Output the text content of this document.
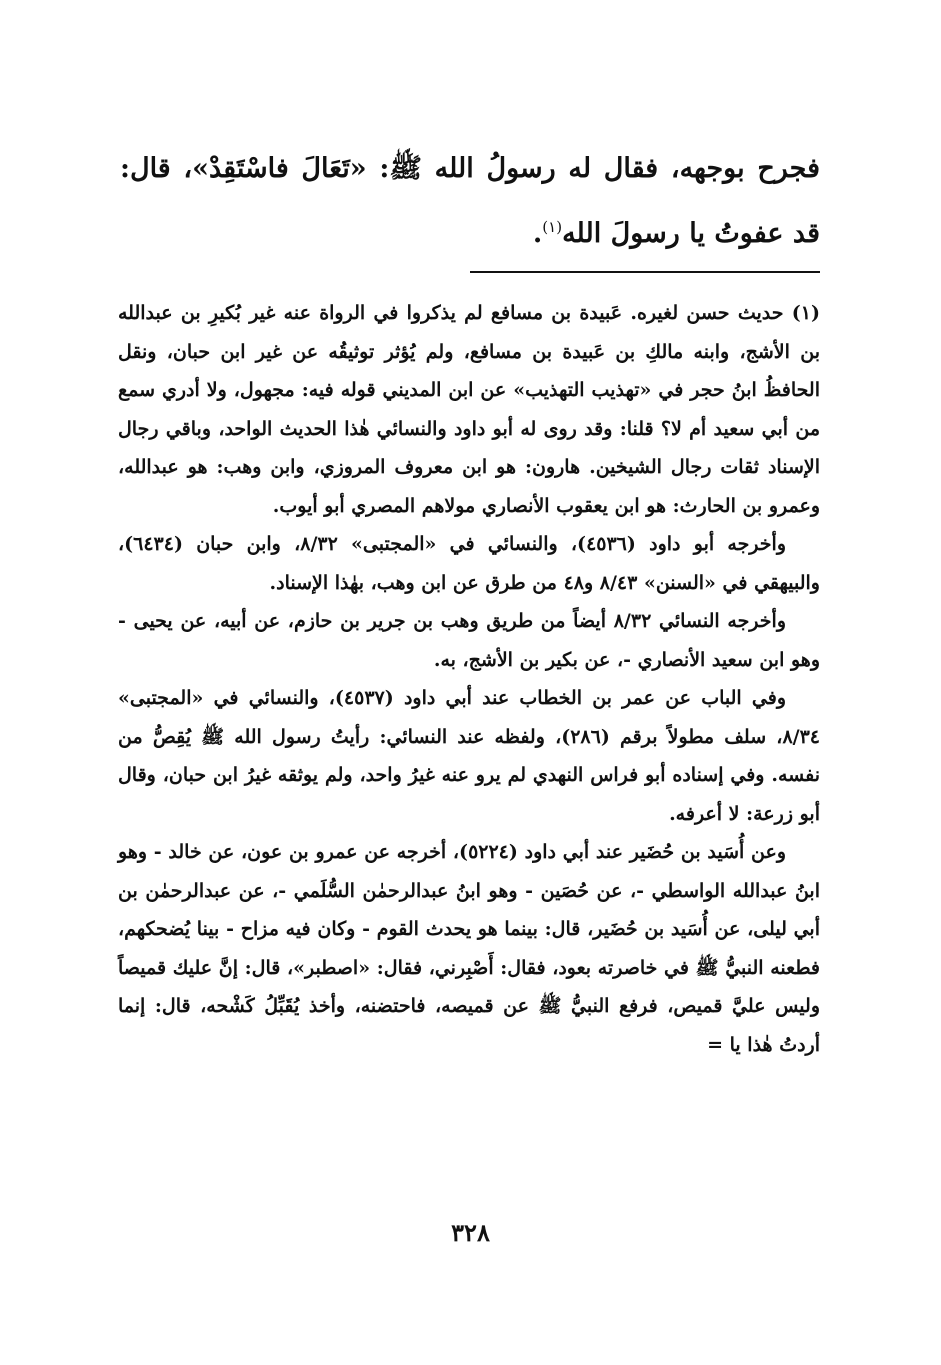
فجرح بوجهه، فقال له رسولُ الله ﷺ: «تَعَالَ فاسْتَقِدْ»، قال: قد عفوتُ يا رسولَ الله$^{(١)}$.

(١) حديث حسن لغيره. عَبيدة بن مسافع لم يذكروا في الرواة عنه غير بُكيرِ بن عبدالله بن الأشج، وابنه مالكِ بن عَبيدة بن مسافع، ولم يُؤثر توثيقُه عن غير ابن حبان، ونقل الحافظُ ابنُ حجر في «تهذيب التهذيب» عن ابن المديني قوله فيه: مجهول، ولا أدري سمع من أبي سعيد أم لا؟ قلنا: وقد روى له أبو داود والنسائي هٰذا الحديث الواحد، وباقي رجال الإسناد ثقات رجال الشيخين. هارون: هو ابن معروف المروزي، وابن وهب: هو عبدالله، وعمرو بن الحارث: هو ابن يعقوب الأنصاري مولاهم المصري أبو أيوب.

وأخرجه أبو داود (٤٥٣٦)، والنسائي في «المجتبى» ٨/٣٢، وابن حبان (٦٤٣٤)، والبيهقي في «السنن» ٨/٤٣ و٤٨ من طرق عن ابن وهب، بهٰذا الإسناد.

وأخرجه النسائي ٨/٣٢ أيضاً من طريق وهب بن جرير بن حازم، عن أبيه، عن يحيى - وهو ابن سعيد الأنصاري -، عن بكير بن الأشج، به.

وفي الباب عن عمر بن الخطاب عند أبي داود (٤٥٣٧)، والنسائي في «المجتبى» ٨/٣٤، سلف مطولاً برقم (٢٨٦)، ولفظه عند النسائي: رأيتُ رسول الله ﷺ يُقِصُّ من نفسه. وفي إسناده أبو فراس النهدي لم يرو عنه غيرُ واحد، ولم يوثقه غيرُ ابن حبان، وقال أبو زرعة: لا أعرفه.

وعن أُسَيد بن حُضَير عند أبي داود (٥٢٢٤)، أخرجه عن عمرو بن عون، عن خالد - وهو ابنُ عبدالله الواسطي -، عن حُصَين - وهو ابنُ عبدالرحمٰن السُّلَمي -، عن عبدالرحمٰن بن أبي ليلى، عن أُسَيد بن حُضَير، قال: بينما هو يحدث القوم - وكان فيه مزاح - بينا يُضحكهم، فطعنه النبيُّ ﷺ في خاصرته بعود، فقال: أَصْبِرني، فقال: «اصطبر»، قال: إنَّ عليك قميصاً وليس عليَّ قميص، فرفع النبيُّ ﷺ عن قميصه، فاحتضنه، وأخذ يُقَبِّلُ كَشْحه، قال: إنما أردتُ هٰذا يا =

٣٢٨
